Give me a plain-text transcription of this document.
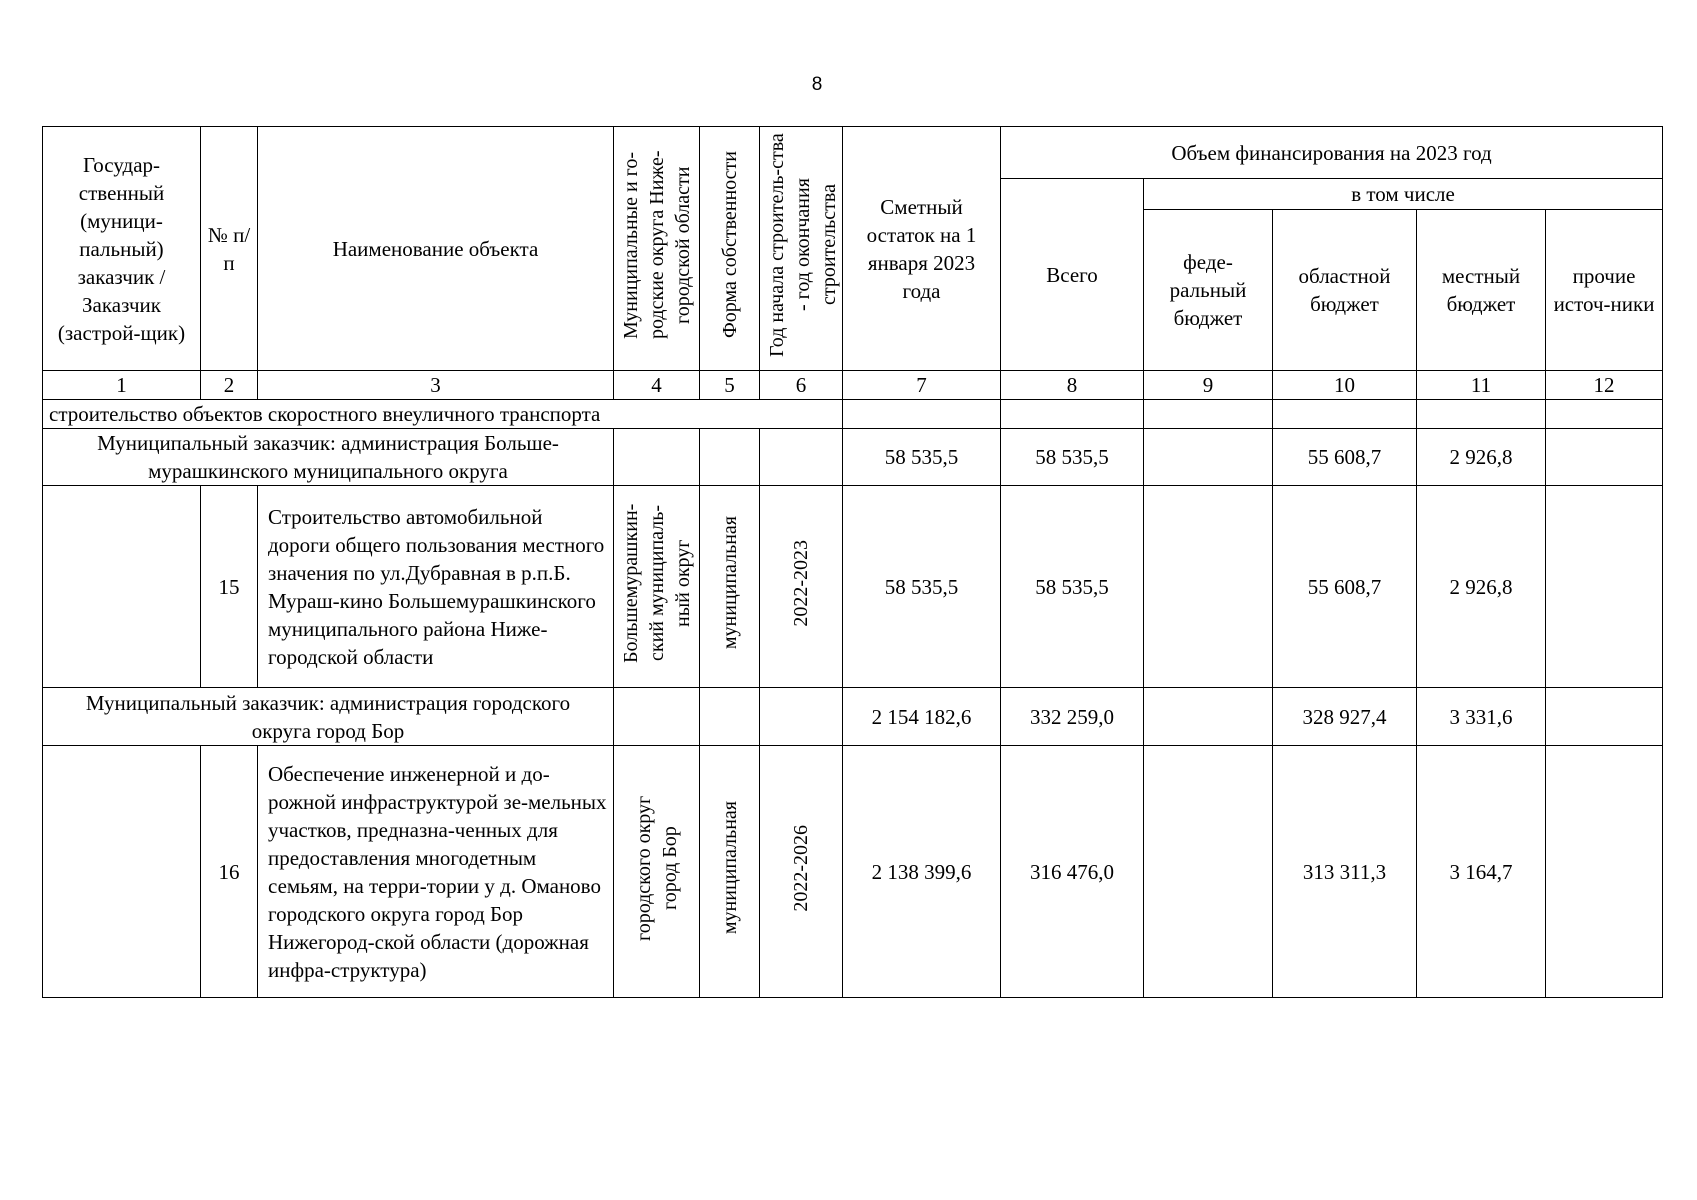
8
Государ-ственный (муници-пальный) заказчик / Заказчик (застрой-щик)	№ п/п	Наименование объекта	Муниципальные и го-родские округа Ниже-городской области	Форма собственности	Год начала строитель-ства - год окончания строительства	Сметный остаток на 1 января 2023 года	Объем финансирования на 2023 год				
							Всего	в том числе			
								феде-ральный бюджет	областной бюджет	местный бюджет	прочие источ-ники
1	2	3	4	5	6	7	8	9	10	11	12
строительство объектов скоростного внеуличного транспорта											
Муниципальный заказчик: администрация Больше-мурашкинского муниципального округа						58 535,5	58 535,5		55 608,7	2 926,8	
	15	Строительство автомобильной дороги общего пользования местного значения по ул.Дубравная в р.п.Б. Мураш-кино Большемурашкинского муниципального района Ниже-городской области	Большемурашкин-ский муниципаль-ный округ	муниципальная	2022-2023	58 535,5	58 535,5		55 608,7	2 926,8	
Муниципальный заказчик: администрация городского округа город Бор						2 154 182,6	332 259,0		328 927,4	3 331,6	
	16	Обеспечение инженерной и до-рожной инфраструктурой зе-мельных участков, предназна-ченных для предоставления многодетным семьям, на терри-тории у д. Оманово городского округа город Бор Нижегород-ской области (дорожная инфра-структура)	городского округ город Бор	муниципальная	2022-2026	2 138 399,6	316 476,0		313 311,3	3 164,7	
